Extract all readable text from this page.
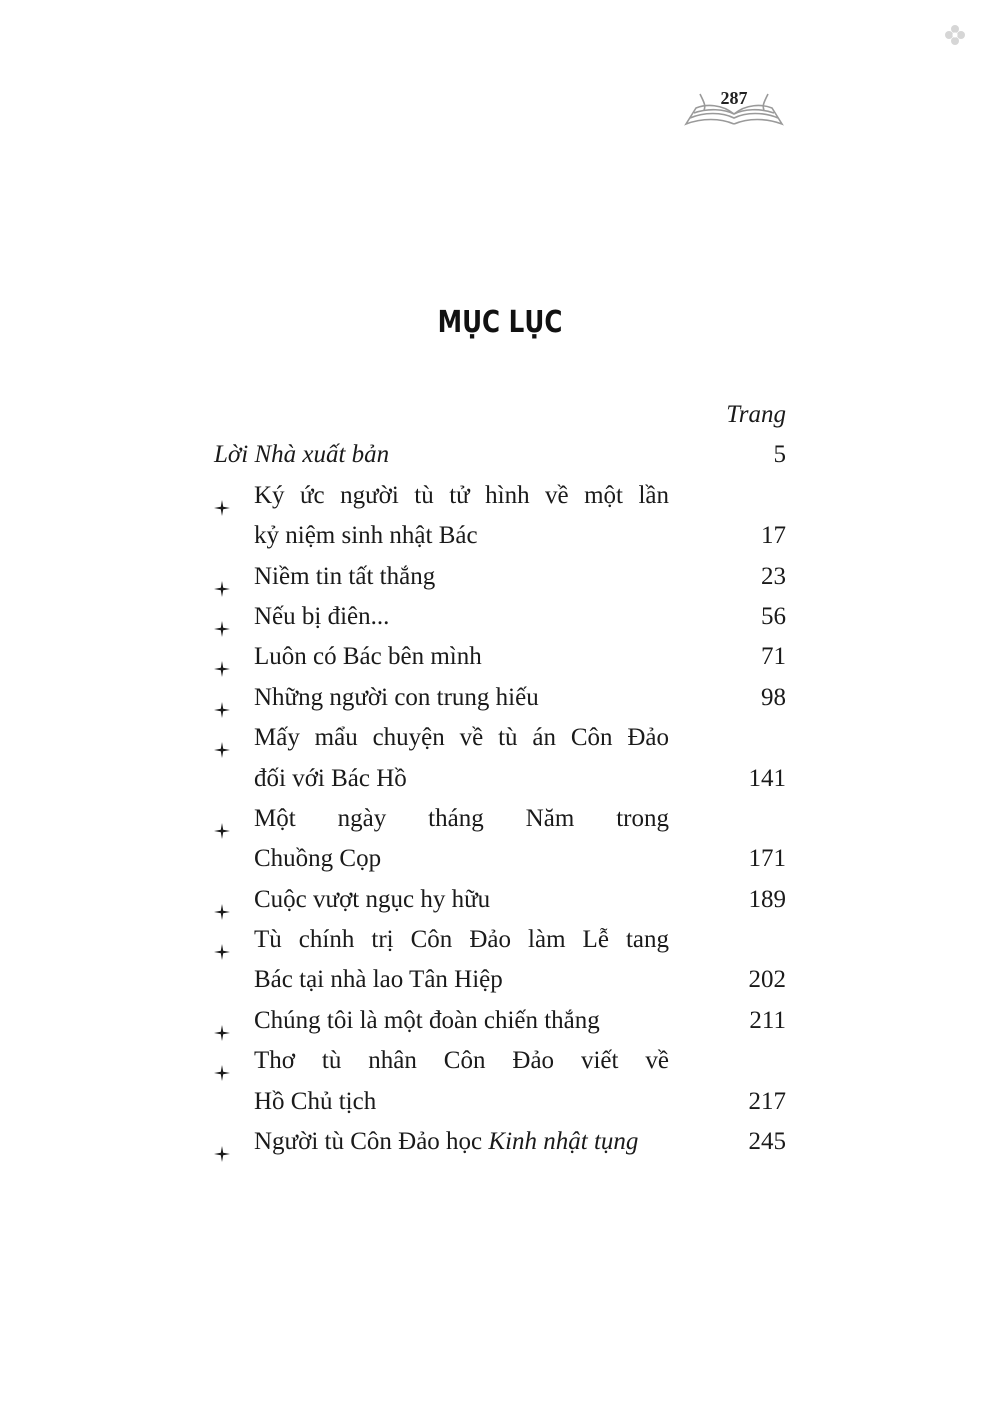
287
MỤC LỤC
Trang
Lời Nhà xuất bản	5
Ký ức người tù tử hình về một lần
kỷ niệm sinh nhật Bác	17
Niềm tin tất thắng	23
Nếu bị điên...	56
Luôn có Bác bên mình	71
Những người con trung hiếu	98
Mấy mẩu chuyện về tù án Côn Đảo
đối với Bác Hồ	141
Một ngày tháng Năm trong
Chuồng Cọp	171
Cuộc vượt ngục hy hữu	189
Tù chính trị Côn Đảo làm Lễ tang
Bác tại nhà lao Tân Hiệp	202
Chúng tôi là một đoàn chiến thắng	211
Thơ tù nhân Côn Đảo viết về
Hồ Chủ tịch	217
Người tù Côn Đảo học Kinh nhật tụng	245
